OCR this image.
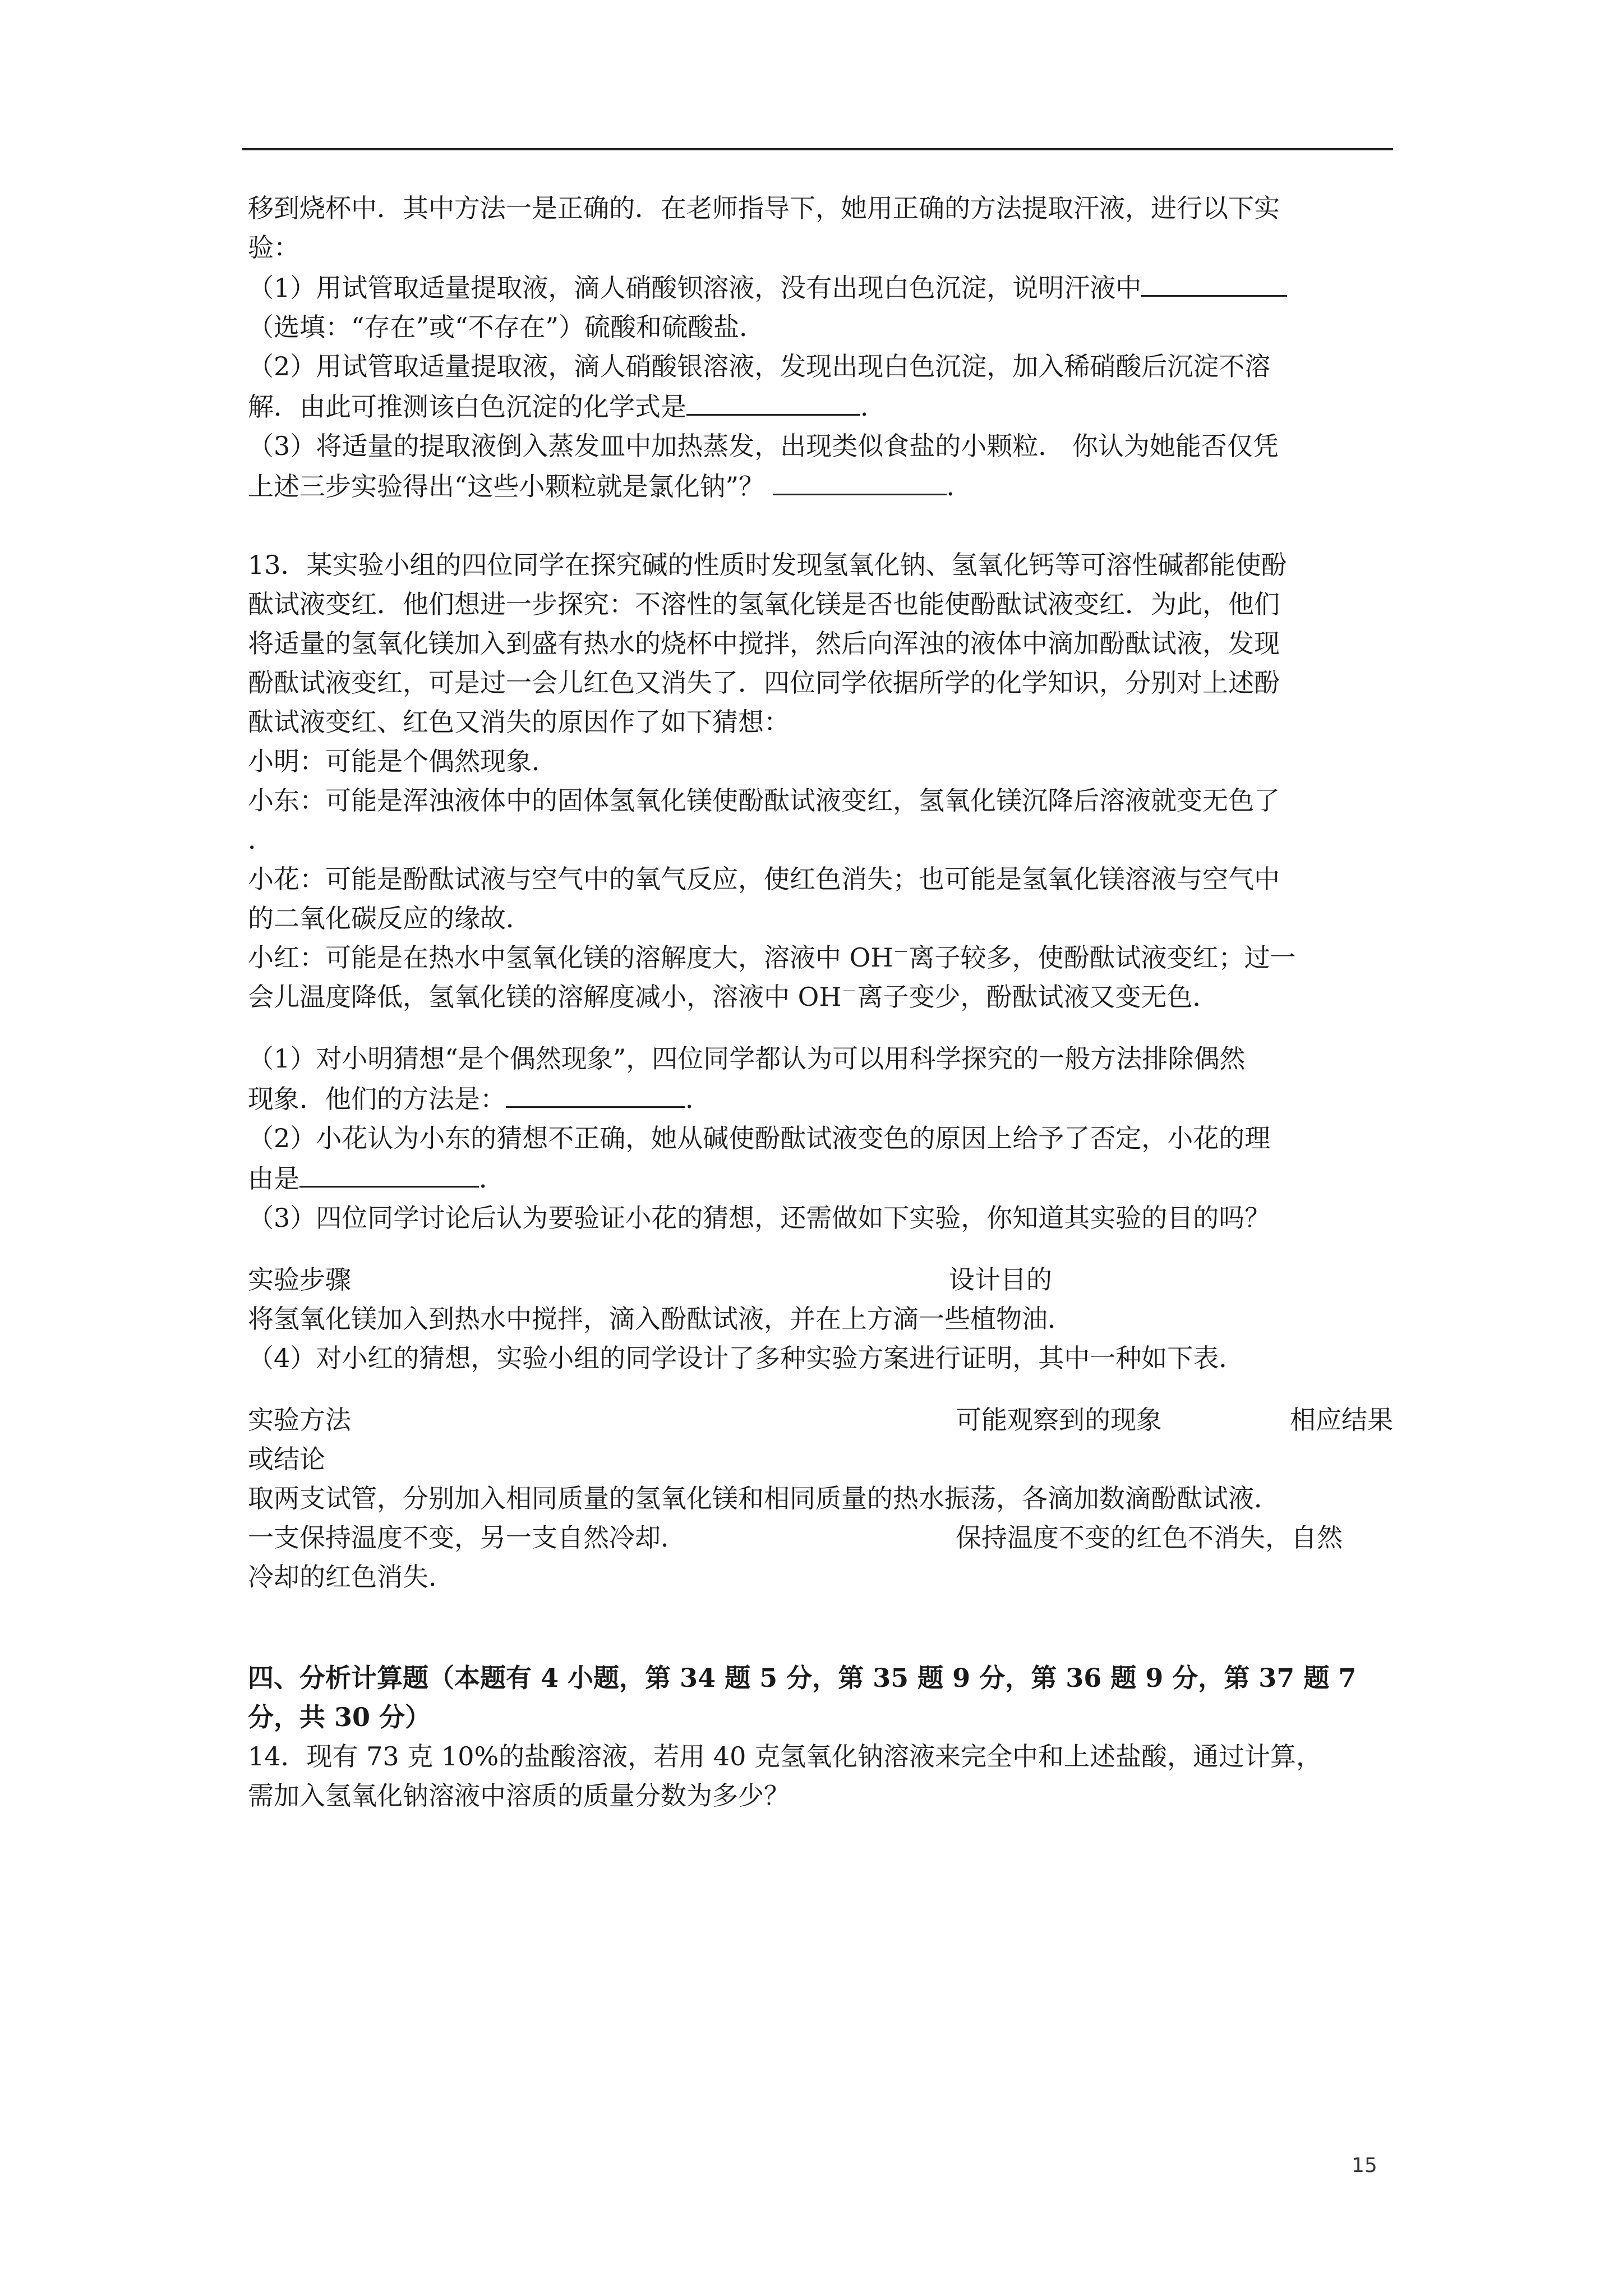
移到烧杯中．其中方法一是正确的．在老师指导下，她用正确的方法提取汗液，进行以下实

验：

（1）用试管取适量提取液，滴人硝酸钡溶液，没有出现白色沉淀，说明汗液中

（选填：“存在”或“不存在”）硫酸和硫酸盐．

（2）用试管取适量提取液，滴人硝酸银溶液，发现出现白色沉淀，加入稀硝酸后沉淀不溶

解．由此可推测该白色沉淀的化学式是	．

（3）将适量的提取液倒入蒸发皿中加热蒸发，出现类似食盐的小颗粒． 你认为她能否仅凭

上述三步实验得出“这些小颗粒就是氯化钠”？	．

13．某实验小组的四位同学在探究碱的性质时发现氢氧化钠、氢氧化钙等可溶性碱都能使酚

酞试液变红．他们想进一步探究：不溶性的氢氧化镁是否也能使酚酞试液变红．为此，他们

将适量的氢氧化镁加入到盛有热水的烧杯中搅拌，然后向浑浊的液体中滴加酚酞试液，发现

酚酞试液变红，可是过一会儿红色又消失了．四位同学依据所学的化学知识，分别对上述酚

酞试液变红、红色又消失的原因作了如下猜想：

小明：可能是个偶然现象．

小东：可能是浑浊液体中的固体氢氧化镁使酚酞试液变红，氢氧化镁沉降后溶液就变无色了

．

小花：可能是酚酞试液与空气中的氧气反应，使红色消失；也可能是氢氧化镁溶液与空气中

的二氧化碳反应的缘故．

小红：可能是在热水中氢氧化镁的溶解度大，溶液中 OH－离子较多，使酚酞试液变红；过一

会儿温度降低，氢氧化镁的溶解度减小，溶液中 OH－离子变少，酚酞试液又变无色．

（1）对小明猜想“是个偶然现象”，四位同学都认为可以用科学探究的一般方法排除偶然

现象．他们的方法是：	．

（2）小花认为小东的猜想不正确，她从碱使酚酞试液变色的原因上给予了否定，小花的理

由是	．

（3）四位同学讨论后认为要验证小花的猜想，还需做如下实验，你知道其实验的目的吗？

实验步骤	设计目的

将氢氧化镁加入到热水中搅拌，滴入酚酞试液，并在上方滴一些植物油．

（4）对小红的猜想，实验小组的同学设计了多种实验方案进行证明，其中一种如下表．

实验方法	可能观察到的现象	相应结果

或结论

取两支试管，分别加入相同质量的氢氧化镁和相同质量的热水振荡，各滴加数滴酚酞试液．

一支保持温度不变，另一支自然冷却．	保持温度不变的红色不消失，自然

冷却的红色消失．

四、分析计算题（本题有 4 小题，第 34 题 5 分，第 35 题 9 分，第 36 题 9 分，第 37 题 7

分，共 30 分）

14．现有 73 克 10%的盐酸溶液，若用 40 克氢氧化钠溶液来完全中和上述盐酸，通过计算，

需加入氢氧化钠溶液中溶质的质量分数为多少？

15
